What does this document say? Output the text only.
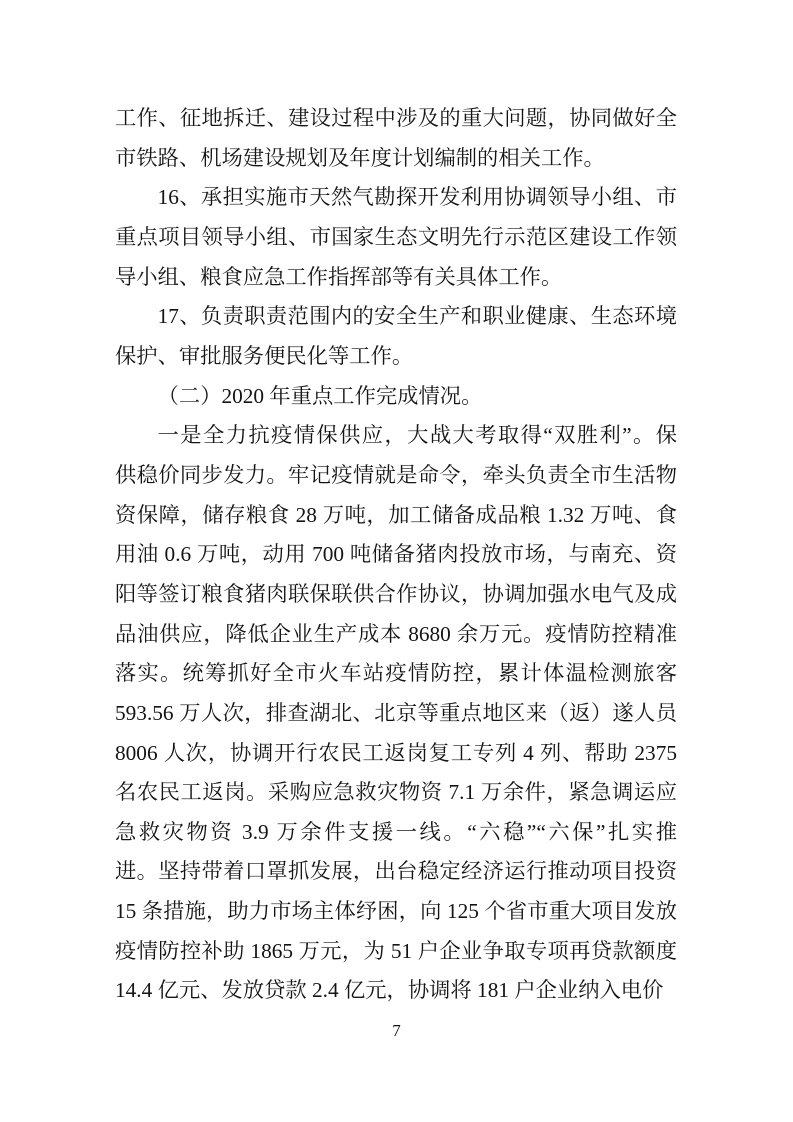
工作、征地拆迁、建设过程中涉及的重大问题，协同做好全
市铁路、机场建设规划及年度计划编制的相关工作。

16、承担实施市天然气勘探开发利用协调领导小组、市
重点项目领导小组、市国家生态文明先行示范区建设工作领
导小组、粮食应急工作指挥部等有关具体工作。

17、负责职责范围内的安全生产和职业健康、生态环境
保护、审批服务便民化等工作。

（二）2020 年重点工作完成情况。

一是全力抗疫情保供应，大战大考取得“双胜利”。保
供稳价同步发力。牢记疫情就是命令，牵头负责全市生活物
资保障，储存粮食 28 万吨，加工储备成品粮 1.32 万吨、食
用油 0.6 万吨，动用 700 吨储备猪肉投放市场，与南充、资
阳等签订粮食猪肉联保联供合作协议，协调加强水电气及成
品油供应，降低企业生产成本 8680 余万元。疫情防控精准
落实。统筹抓好全市火车站疫情防控，累计体温检测旅客
593.56 万人次，排查湖北、北京等重点地区来（返）遂人员
8006 人次，协调开行农民工返岗复工专列 4 列、帮助 2375
名农民工返岗。采购应急救灾物资 7.1 万余件，紧急调运应
急救灾物资 3.9 万余件支援一线。“六稳”“六保”扎实推
进。坚持带着口罩抓发展，出台稳定经济运行推动项目投资
15 条措施，助力市场主体纾困，向 125 个省市重大项目发放
疫情防控补助 1865 万元，为 51 户企业争取专项再贷款额度
14.4 亿元、发放贷款 2.4 亿元，协调将 181 户企业纳入电价

7
